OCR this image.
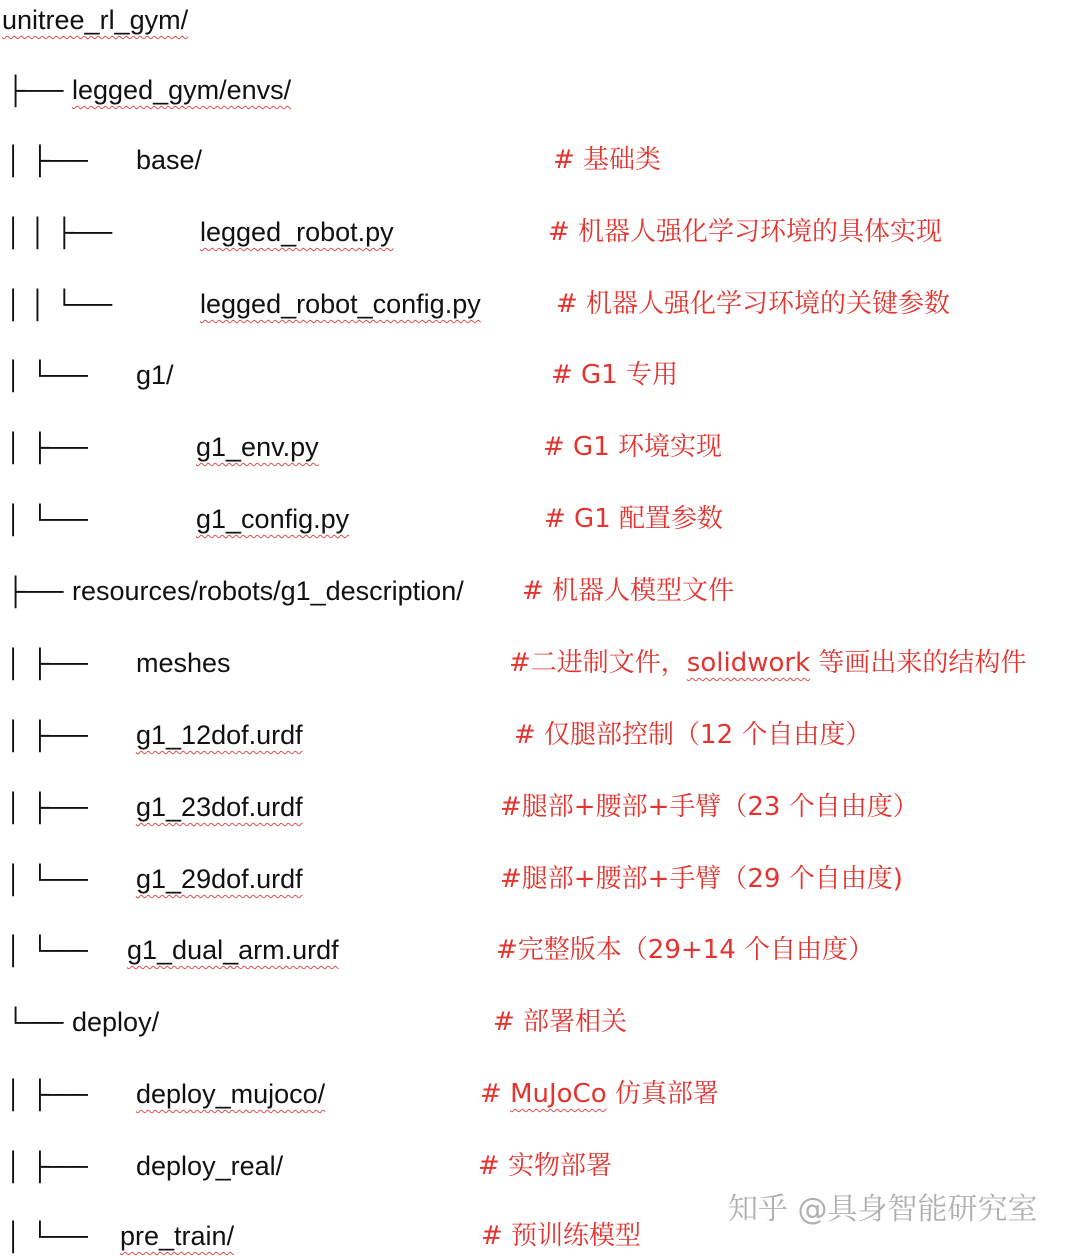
unitree_rl_gym/
├── legged_gym/envs/
│ ├── base/	# 基础类
│ │ ├──	legged_robot.py	# 机器人强化学习环境的具体实现
│ │ └──	legged_robot_config.py	# 机器人强化学习环境的关键参数
│ └── g1/	# G1 专用
│ ├──	g1_env.py	# G1 环境实现
│ └──	g1_config.py	# G1 配置参数
├── resources/robots/g1_description/ # 机器人模型文件
│ ├── meshes	#二进制文件，solidwork 等画出来的结构件
│ ├── g1_12dof.urdf	# 仅腿部控制（12 个自由度）
│ ├── g1_23dof.urdf	#腿部+腰部+手臂（23 个自由度）
│ └── g1_29dof.urdf	#腿部+腰部+手臂（29 个自由度)
│ └── g1_dual_arm.urdf	#完整版本（29+14 个自由度）
└── deploy/	# 部署相关
│ ├── deploy_mujoco/	# MuJoCo 仿真部署
│ ├── deploy_real/	# 实物部署
│ └── pre_train/	# 预训练模型
知乎 @具身智能研究室
